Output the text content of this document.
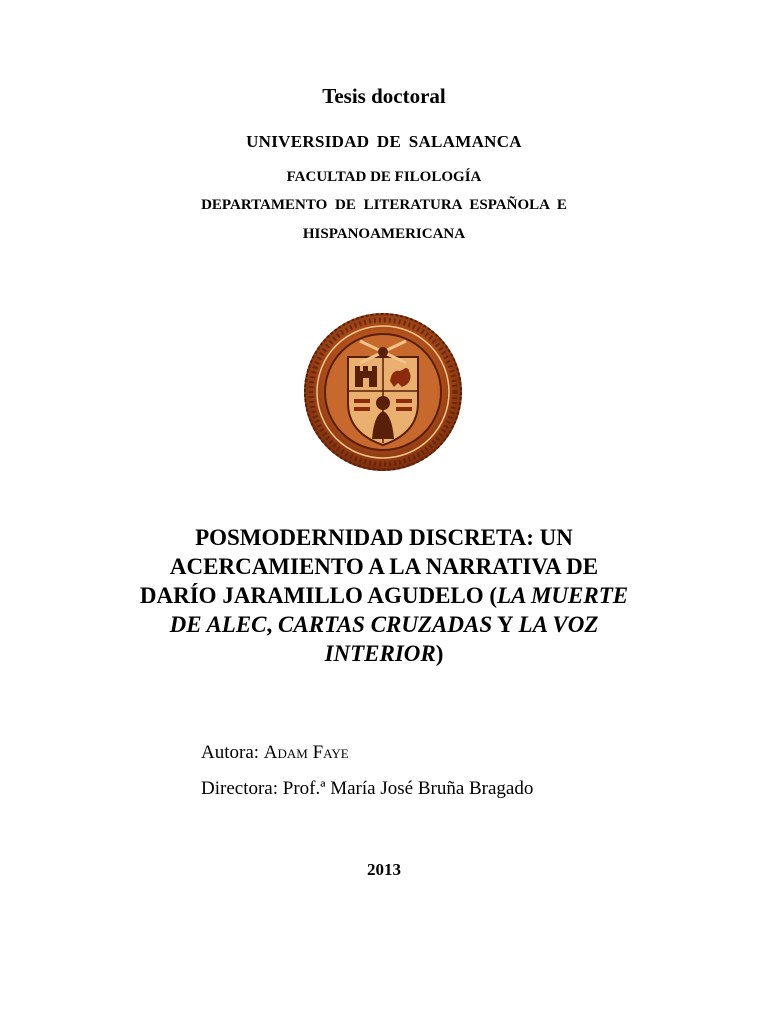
Tesis doctoral
UNIVERSIDAD DE SALAMANCA
FACULTAD DE FILOLOGÍA
DEPARTAMENTO DE LITERATURA ESPAÑOLA E
HISPANOAMERICANA
POSMODERNIDAD DISCRETA: UN
ACERCAMIENTO A LA NARRATIVA DE
DARÍO JARAMILLO AGUDELO (LA MUERTE
DE ALEC, CARTAS CRUZADAS Y LA VOZ
INTERIOR)
Autora: Adam Faye
Directora: Prof.ª María José Bruña Bragado
2013
